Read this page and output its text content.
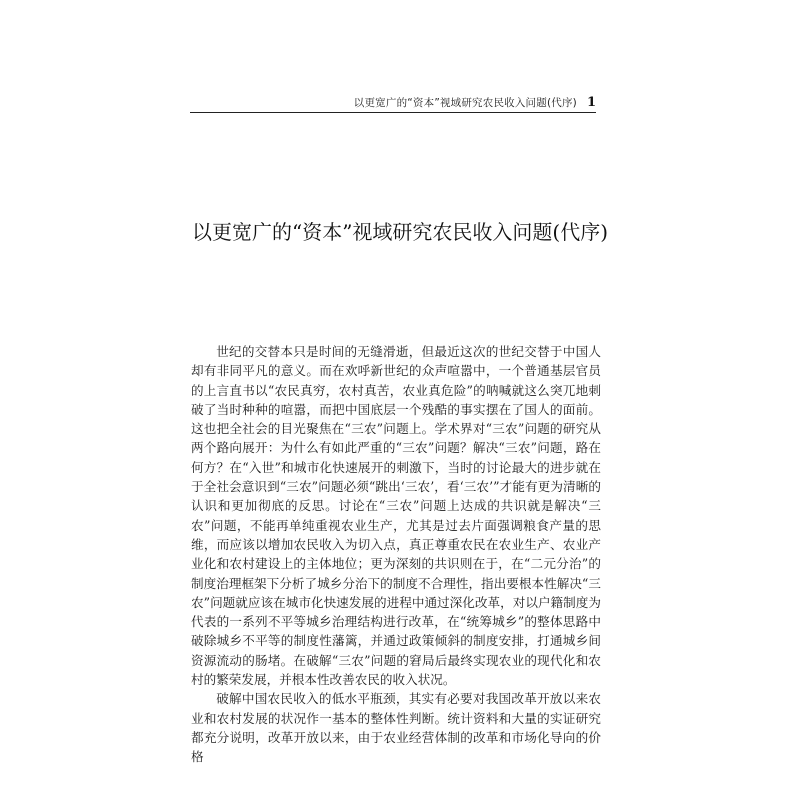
以更宽广的“资本”视域研究农民收入问题(代序) 1
以更宽广的“资本”视域研究农民收入问题(代序)

世纪的交替本只是时间的无缝滑逝，但最近这次的世纪交替于中国人却有非同平凡的意义。而在欢呼新世纪的众声喧嚣中，一个普通基层官员的上言直书以“农民真穷，农村真苦，农业真危险”的呐喊就这么突兀地刺破了当时种种的喧嚣，而把中国底层一个残酷的事实摆在了国人的面前。这也把全社会的目光聚焦在“三农”问题上。学术界对“三农”问题的研究从两个路向展开：为什么有如此严重的“三农”问题？解决“三农”问题，路在何方？在“入世”和城市化快速展开的刺激下，当时的讨论最大的进步就在于全社会意识到“三农”问题必须“跳出‘三农’，看‘三农’”才能有更为清晰的认识和更加彻底的反思。讨论在“三农”问题上达成的共识就是解决“三农”问题，不能再单纯重视农业生产，尤其是过去片面强调粮食产量的思维，而应该以增加农民收入为切入点，真正尊重农民在农业生产、农业产业化和农村建设上的主体地位；更为深刻的共识则在于，在“二元分治”的制度治理框架下分析了城乡分治下的制度不合理性，指出要根本性解决“三农”问题就应该在城市化快速发展的进程中通过深化改革，对以户籍制度为代表的一系列不平等城乡治理结构进行改革，在“统筹城乡”的整体思路中破除城乡不平等的制度性藩篱，并通过政策倾斜的制度安排，打通城乡间资源流动的肠堵。在破解“三农”问题的窘局后最终实现农业的现代化和农村的繁荣发展，并根本性改善农民的收入状况。

破解中国农民收入的低水平瓶颈，其实有必要对我国改革开放以来农业和农村发展的状况作一基本的整体性判断。统计资料和大量的实证研究都充分说明，改革开放以来，由于农业经营体制的改革和市场化导向的价格
